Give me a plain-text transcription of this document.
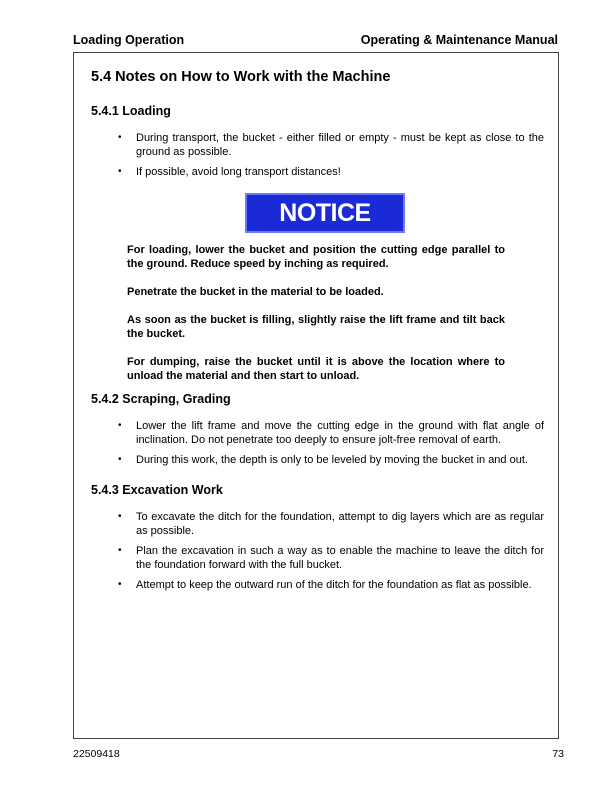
Loading Operation	Operating & Maintenance Manual
5.4 Notes on How to Work with the Machine
5.4.1 Loading
• During transport, the bucket - either filled or empty - must be kept as close to the ground as possible.
• If possible, avoid long transport distances!
NOTICE

For loading, lower the bucket and position the cutting edge parallel to the ground. Reduce speed by inching as required.

Penetrate the bucket in the material to be loaded.

As soon as the bucket is filling, slightly raise the lift frame and tilt back the bucket.

For dumping, raise the bucket until it is above the location where to unload the material and then start to unload.

5.4.2 Scraping, Grading
• Lower the lift frame and move the cutting edge in the ground with flat angle of inclination. Do not penetrate too deeply to ensure jolt-free removal of earth.
• During this work, the depth is only to be leveled by moving the bucket in and out.
5.4.3 Excavation Work
• To excavate the ditch for the foundation, attempt to dig layers which are as regular as possible.
• Plan the excavation in such a way as to enable the machine to leave the ditch for the foundation forward with the full bucket.
• Attempt to keep the outward run of the ditch for the foundation as flat as possible.
22509418	73
